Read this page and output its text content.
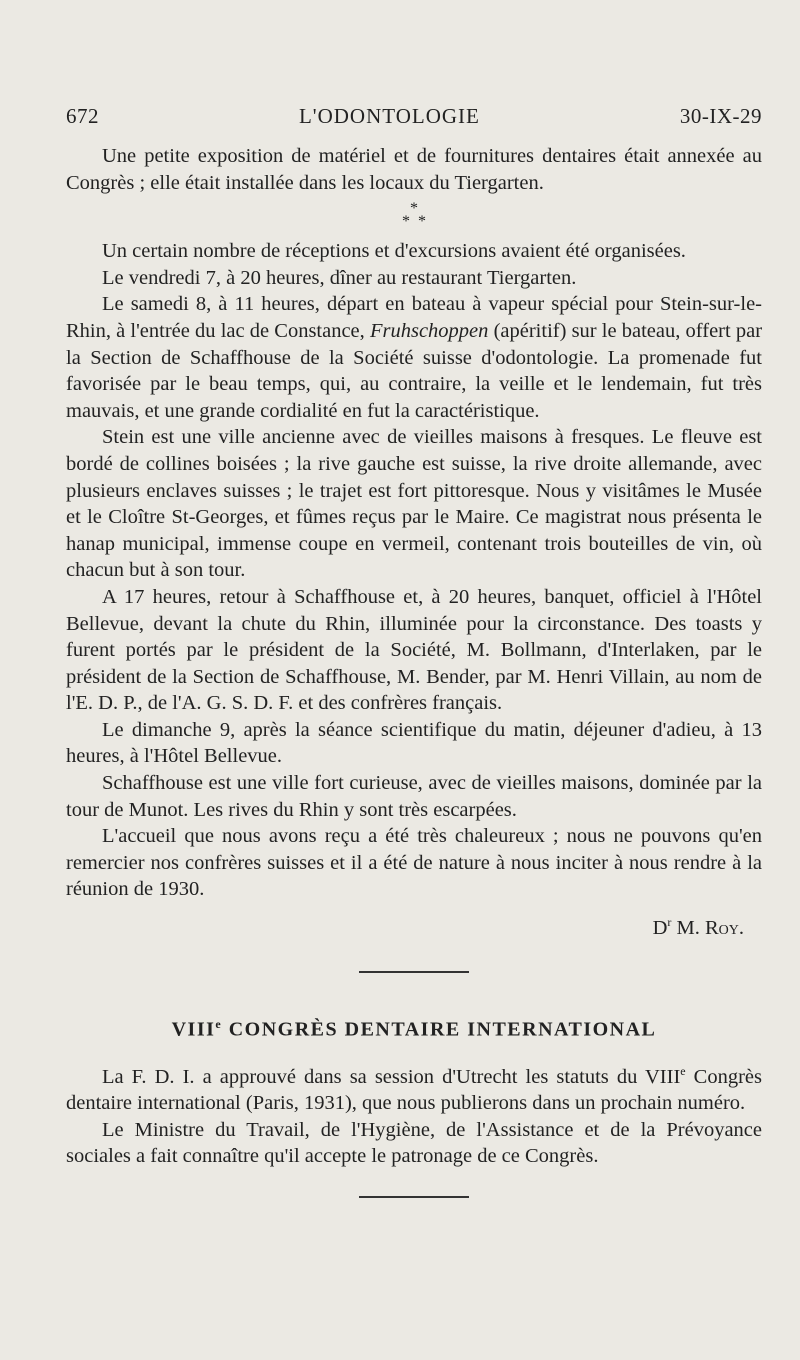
672	L'ODONTOLOGIE	30-IX-29

Une petite exposition de matériel et de fournitures dentaires était annexée au Congrès ; elle était installée dans les locaux du Tiergarten.

*
*  *

Un certain nombre de réceptions et d'excursions avaient été organisées.

Le vendredi 7, à 20 heures, dîner au restaurant Tiergarten.

Le samedi 8, à 11 heures, départ en bateau à vapeur spécial pour Stein-sur-le-Rhin, à l'entrée du lac de Constance, Fruhschoppen (apéritif) sur le bateau, offert par la Section de Schaffhouse de la Société suisse d'odontologie. La promenade fut favorisée par le beau temps, qui, au contraire, la veille et le lendemain, fut très mauvais, et une grande cordialité en fut la caractéristique.

Stein est une ville ancienne avec de vieilles maisons à fresques. Le fleuve est bordé de collines boisées ; la rive gauche est suisse, la rive droite allemande, avec plusieurs enclaves suisses ; le trajet est fort pittoresque. Nous y visitâmes le Musée et le Cloître St-Georges, et fûmes reçus par le Maire. Ce magistrat nous présenta le hanap municipal, immense coupe en vermeil, contenant trois bouteilles de vin, où chacun but à son tour.

A 17 heures, retour à Schaffhouse et, à 20 heures, banquet, officiel à l'Hôtel Bellevue, devant la chute du Rhin, illuminée pour la circonstance. Des toasts y furent portés par le président de la Société, M. Bollmann, d'Interlaken, par le président de la Section de Schaffhouse, M. Bender, par M. Henri Villain, au nom de l'E. D. P., de l'A. G. S. D. F. et des confrères français.

Le dimanche 9, après la séance scientifique du matin, déjeuner d'adieu, à 13 heures, à l'Hôtel Bellevue.

Schaffhouse est une ville fort curieuse, avec de vieilles maisons, dominée par la tour de Munot. Les rives du Rhin y sont très escarpées.

L'accueil que nous avons reçu a été très chaleureux ; nous ne pouvons qu'en remercier nos confrères suisses et il a été de nature à nous inciter à nous rendre à la réunion de 1930.

$D^r$ M. Roy.
VIIIe CONGRÈS DENTAIRE INTERNATIONAL

La F. D. I. a approuvé dans sa session d'Utrecht les statuts du VIIIe Congrès dentaire international (Paris, 1931), que nous publierons dans un prochain numéro.

Le Ministre du Travail, de l'Hygiène, de l'Assistance et de la Prévoyance sociales a fait connaître qu'il accepte le patronage de ce Congrès.
